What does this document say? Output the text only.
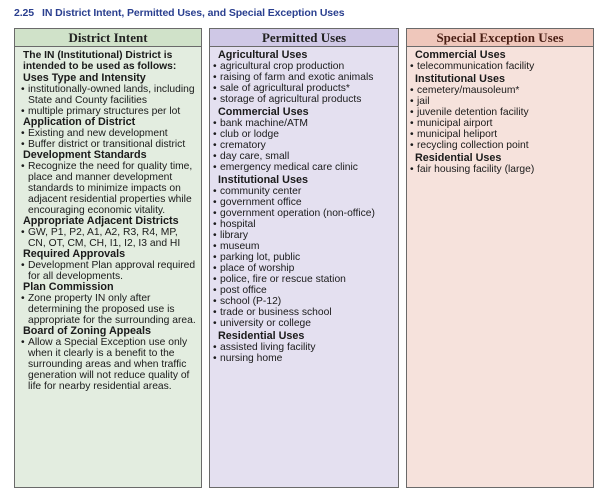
2.25 IN District Intent, Permitted Uses, and Special Exception Uses
District Intent
The IN (Institutional) District is intended to be used as follows:
Uses Type and Intensity
• institutionally-owned lands, including State and County facilities
• multiple primary structures per lot
Application of District
• Existing and new development
• Buffer district or transitional district
Development Standards
• Recognize the need for quality time, place and manner development standards to minimize impacts on adjacent residential properties while encouraging economic vitality.
Appropriate Adjacent Districts
• GW, P1, P2, A1, A2, R3, R4, MP, CN, OT, CM, CH, I1, I2, I3 and HI
Required Approvals
• Development Plan approval required for all developments.
Plan Commission
• Zone property IN only after determining the proposed use is appropriate for the surrounding area.
Board of Zoning Appeals
• Allow a Special Exception use only when it clearly is a benefit to the surrounding areas and when traffic generation will not reduce quality of life for nearby residential areas.
Permitted Uses
Agricultural Uses
• agricultural crop production
• raising of farm and exotic animals
• sale of agricultural products*
• storage of agricultural products
Commercial Uses
• bank machine/ATM
• club or lodge
• crematory
• day care, small
• emergency medical care clinic
Institutional Uses
• community center
• government office
• government operation (non-office)
• hospital
• library
• museum
• parking lot, public
• place of worship
• police, fire or rescue station
• post office
• school (P-12)
• trade or business school
• university or college
Residential Uses
• assisted living facility
• nursing home
Special Exception Uses
Commercial Uses
• telecommunication facility
Institutional Uses
• cemetery/mausoleum*
• jail
• juvenile detention facility
• municipal airport
• municipal heliport
• recycling collection point
Residential Uses
• fair housing facility (large)
